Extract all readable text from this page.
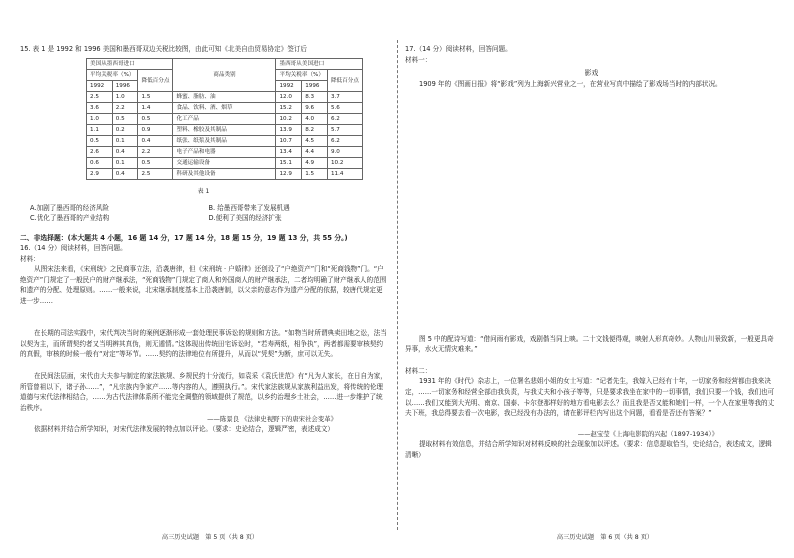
15. 表 1 是 1992 和 1996 美国和墨西哥双边关税比较图，由此可知《北美自由贸易协定》签订后

美国从墨西哥进口			商品类别	墨西哥从美国进口		
平均关税率（%）		降低百分点		平均关税率（%）		降低百分点
1992	1996			1992	1996	
2.5	1.0	1.5	蜂蜜、脂肪、油	12.0	8.3	3.7
3.6	2.2	1.4	食品、饮料、酒、烟草	15.2	9.6	5.6
1.0	0.5	0.5	化工产品	10.2	4.0	6.2
1.1	0.2	0.9	塑料、橡胶及其制品	13.9	8.2	5.7
0.5	0.1	0.4	纸张、纸浆及其制品	10.7	4.5	6.2
2.6	0.4	2.2	电子产品和电器	13.4	4.4	9.0
0.6	0.1	0.5	交通运输设备	15.1	4.9	10.2
2.9	0.4	2.5	科研及其他设备	12.9	1.5	11.4
表 1
A.加剧了墨西哥的经济风险	B. 给墨西哥带来了发展机遇
C.优化了墨西哥的产业结构	D.便利了美国的经济扩张

二、非选择题：(本大题共 4 小题，16 题 14 分，17 题 14 分，18 题 15 分，19 题 13 分，共 55 分。)

16.（14 分）阅读材料，回答问题。

材料：

从图宋法来看，《宋刑统》之民商事立法，沿袭唐律，但《宋刑统 · 户婚律》还创设了“户绝资产”门和“死商钱物”门。“户绝资产”门规定了一般民户的财产继承法，“死商钱物”门规定了商人和外国商人的财产继承法，二者均明确了财产继承人的范围和遗产的分配、处理原则。……一般来说，北宋继承制度基本上沿袭唐制，以父亲的意志作为遗产分配的依据，较唐代规定更进一步……

在长期的司法实践中，宋代判决当时的案例逐渐形成一套处理民事诉讼的规则和方法。“如物当时所谓典卖田地之讼，法当以契为主，而所谓契约者又当明辨其真伪，则无遁情。”这体现出传统田宅诉讼时，“若寿两纸，相争执”，两者都需要审核契约的真假，审核的时候一般有“对定”等环节。……契约的法律地位有所提升，从而以“凭契”为断，庶可以无失。

在民间法层面，宋代由大夫参与制定的家法族规、乡规民约十分流行，如袁采《袁氏世范》有“凡为人家长，在日自为家，所管曾祖以下，诸子孙……”，“凡宗族内争家产……等内容的人，遵照执行。”。宋代家法族规从家族利益出发，将传统的伦理道德与宋代法律相结合，……为古代法律体系所不能完全调整的领域提供了规范，以乡约治理乡土社会，……进一步维护了统治秩序。

——陈景良 《法律史视野下的唐宋社会变革》

依据材料并结合所学知识，对宋代法律发展的特点加以评论。（要求：史论结合，逻辑严密，表述成文）

17.（14 分）阅读材料，回答问题。

材料一：

影戏

1909 年的《图画日报》将“影戏”列为上海新兴营业之一，在营业写真中描绘了影戏场当时的内部状况。

图 5 中的配诗写道：“借问雨有影戏，戏剧偕当同上映。二十文钱便得观，映射人形真奇妙。人物山川景致新，一般更具奇异事，水火无情灾难来。”

材料二：

1931 年的《时代》杂志上，一位署名悲姐小姐的女士写道：“记者先生，我嫁入已经有十年，一切家务和经营都由我来决定，……一切家务和经营全部由我负责，与我丈夫和小孩子等等，只是要求我坐在家中的一切事情，我们只要一个钱，我们也可以……我们又能到大光明、南京、国泰、卡尔登那样好的地方看电影去么？而且我是否又能和她们一样，一个人在家里等我的丈夫下班，我总得要去看一次电影，我已经没有办法的，请在影评栏内写出这个问题，看看是否还有答案？”

——赵宝莹《上海电影院的兴起（1897-1934）》

提取材料有效信息，并结合所学知识对材料反映的社会现象加以评述。（要求：信息提取恰当，史论结合，表述成文，逻辑清晰）

高三历史试题　第 5 页（共 8 页）	高三历史试题　第 6 页（共 8 页）
